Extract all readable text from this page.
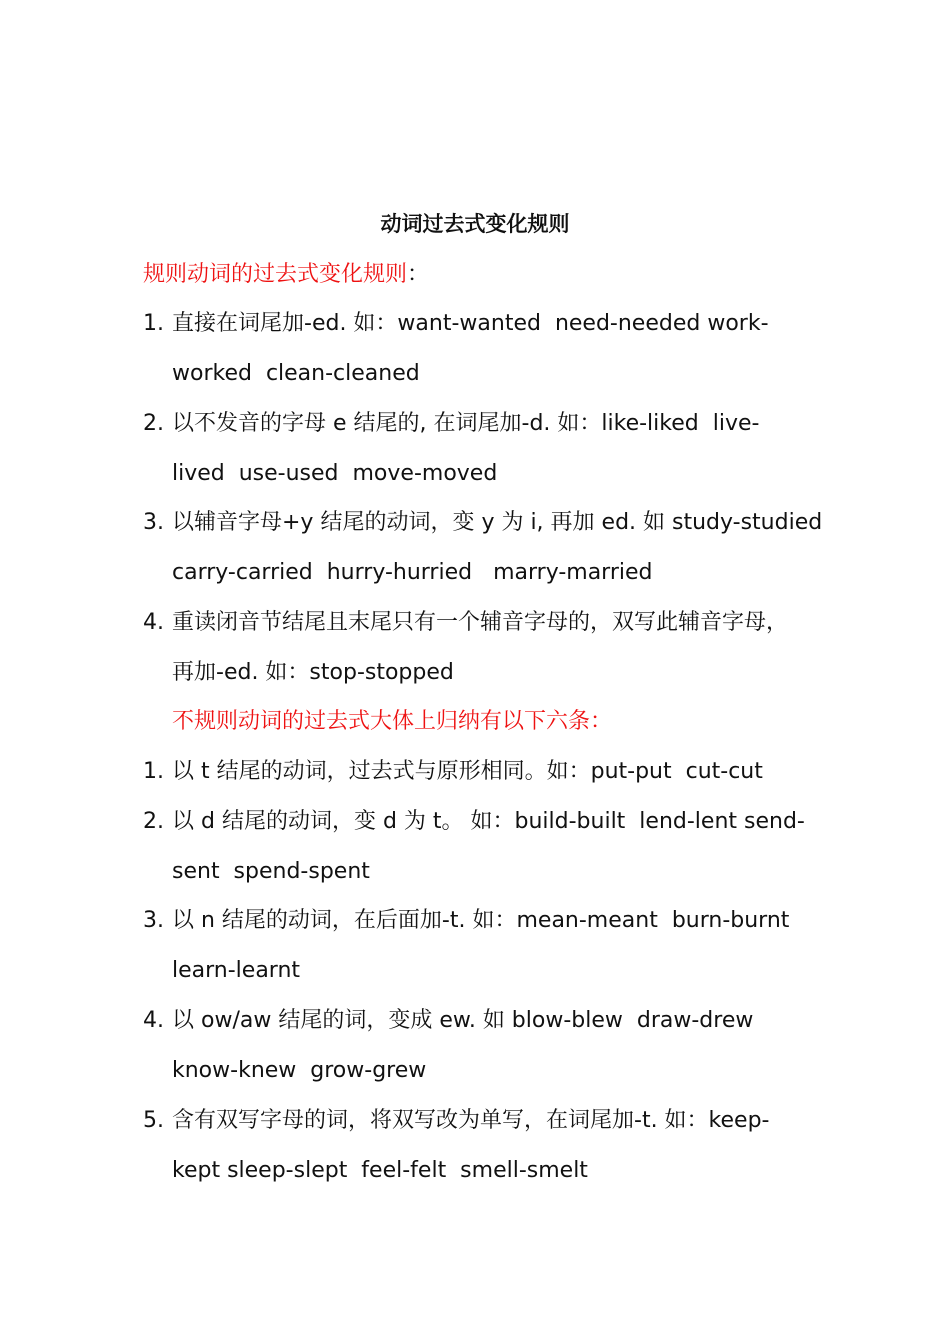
动词过去式变化规则
规则动词的过去式变化规则：
1. 直接在词尾加-ed. 如：want-wanted  need-needed work-
worked  clean-cleaned
2. 以不发音的字母 e 结尾的, 在词尾加-d. 如：like-liked  live-
lived  use-used  move-moved
3. 以辅音字母+y 结尾的动词，变 y 为 i, 再加 ed. 如 study-studied
carry-carried  hurry-hurried   marry-married
4. 重读闭音节结尾且末尾只有一个辅音字母的，双写此辅音字母，
再加-ed. 如：stop-stopped
不规则动词的过去式大体上归纳有以下六条：
1. 以 t 结尾的动词，过去式与原形相同。如：put-put  cut-cut
2. 以 d 结尾的动词，变 d 为 t。 如：build-built  lend-lent send-
sent  spend-spent
3. 以 n 结尾的动词，在后面加-t. 如：mean-meant  burn-burnt
learn-learnt
4. 以 ow/aw 结尾的词，变成 ew. 如 blow-blew  draw-drew
know-knew  grow-grew
5. 含有双写字母的词，将双写改为单写，在词尾加-t. 如：keep-
kept sleep-slept  feel-felt  smell-smelt
